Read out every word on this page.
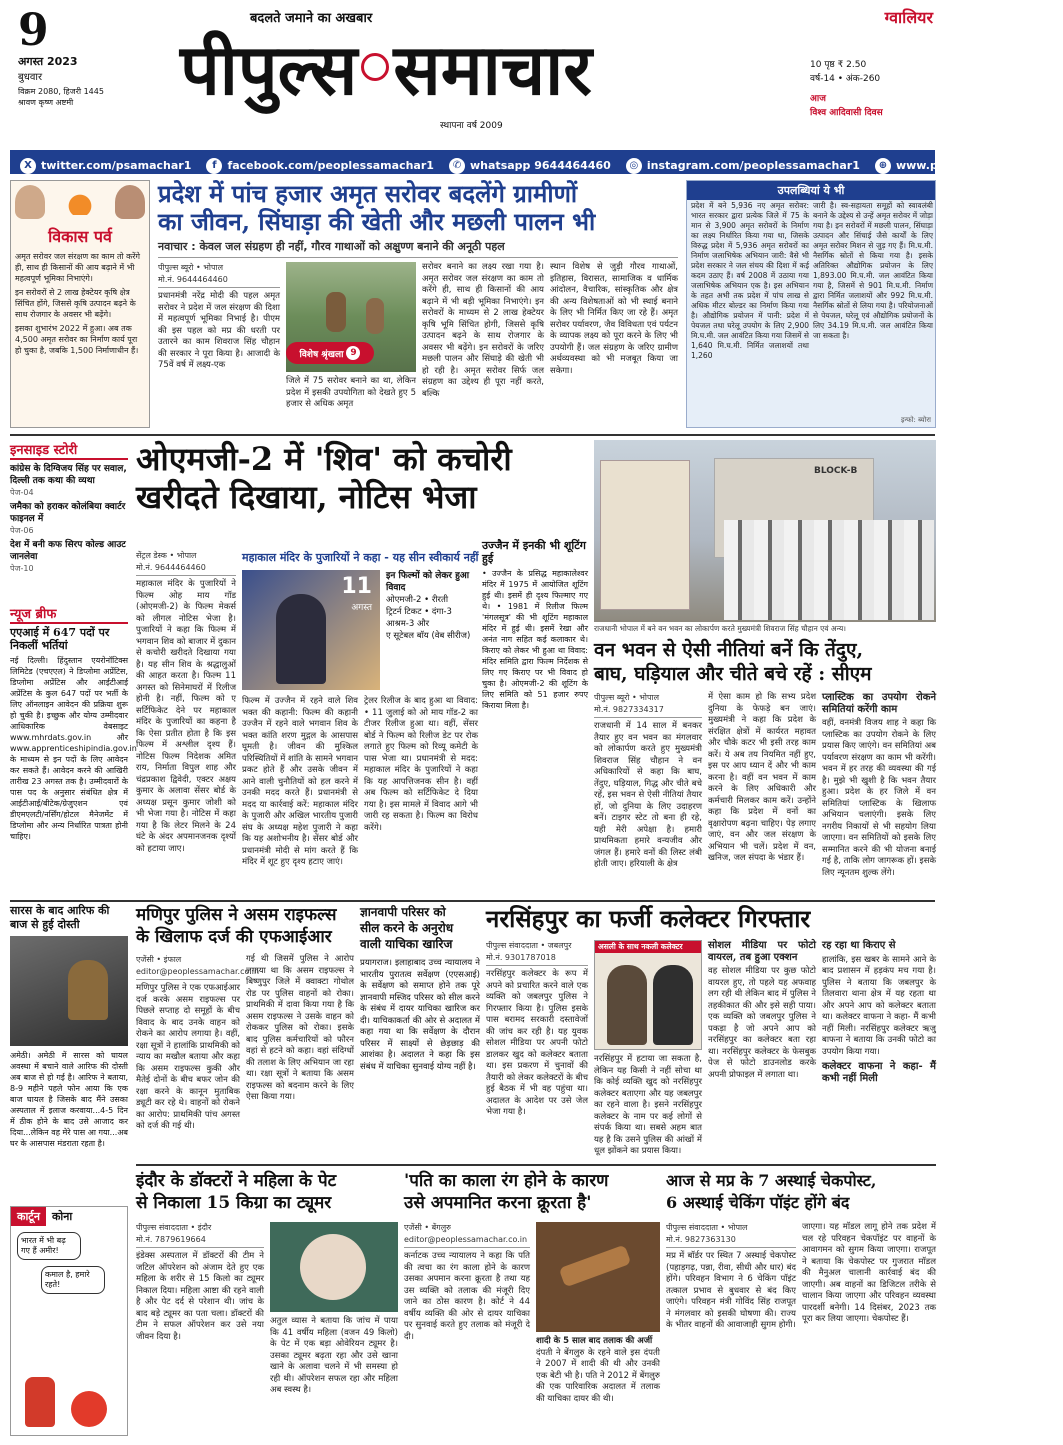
9
अगस्त 2023
बुधवार
विक्रम 2080, हिजरी 1445
श्रावण कृष्ण अष्टमी
बदलते जमाने का अखबार
पीपुल्स समाचार
स्थापना वर्ष 2009
ग्वालियर
10 पृष्ठ ₹ 2.50
वर्ष-14 • अंक-260
आज
विश्व आदिवासी दिवस
X twitter.com/psamachar1
	f facebook.com/peoplessamachar1
	✆ whatsapp 9644464460
	◎ instagram.com/peoplessamachar1
	⊕ www.peoplessamachar.in
विकास पर्व
अमृत सरोवर जल संरक्षण का काम तो करेंगे ही, साथ ही किसानों की आय बढ़ाने में भी महत्वपूर्ण भूमिका निभाएंगे।
इन सरोवरों से 2 लाख हेक्टेयर कृषि क्षेत्र सिंचित होंगे, जिससे कृषि उत्पादन बढ़ने के साथ रोजगार के अवसर भी बढ़ेंगे।
इसका शुभारंभ 2022 में हुआ। अब तक 4,500 अमृत सरोवर का निर्माण कार्य पूरा हो चुका है, जबकि 1,500 निर्माणाधीन हैं।
प्रदेश में पांच हजार अमृत सरोवर बदलेंगे ग्रामीणों
का जीवन, सिंघाड़ा की खेती और मछली पालन भी
नवाचार : केवल जल संग्रहण ही नहीं, गौरव गाथाओं को अक्षुण्ण बनाने की अनूठी पहल
पीपुल्स ब्यूरो • भोपाल
मो.नं. 9644464460
प्रधानमंत्री नरेंद्र मोदी की पहल अमृत सरोवर ने प्रदेश में जल संरक्षण की दिशा में महत्वपूर्ण भूमिका निभाई है। पीएम की इस पहल को मप्र की धरती पर उतारने का काम शिवराज सिंह चौहान की सरकार ने पूरा किया है। आजादी के 75वें वर्ष में लक्ष्य-एक
विशेष श्रृंखला 9
जिले में 75 सरोवर बनाने का था, लेकिन प्रदेश में इसकी उपयोगिता को देखते हुए 5 हजार से अधिक अमृत
सरोवर बनाने का लक्ष्य रखा गया है। अमृत सरोवर जल संरक्षण का काम तो करेंगे ही, साथ ही किसानों की आय बढ़ाने में भी बड़ी भूमिका निभाएंगे। इन सरोवरों के माध्यम से 2 लाख हेक्टेयर कृषि भूमि सिंचित होगी, जिससे कृषि उत्पादन बढ़ने के साथ रोजगार के अवसर भी बढ़ेंगे। इन सरोवरों के जरिए मछली पालन और सिंघाड़े की खेती भी हो रही है। अमृत सरोवर सिर्फ जल संग्रहण का उद्देश्य ही पूरा नहीं करते, बल्कि
स्थान विशेष से जुड़ी गौरव गाथाओं, इतिहास, विरासत, सामाजिक व धार्मिक आंदोलन, वैचारिक, सांस्कृतिक और क्षेत्र की अन्य विशेषताओं को भी स्थाई बनाने के लिए भी निर्मित किए जा रहे हैं। अमृत सरोवर पर्यावरण, जैव विविधता एवं पर्यटन के व्यापक लक्ष्य को पूरा करने के लिए भी उपयोगी हैं। जल संग्रहण के जरिए ग्रामीण अर्थव्यवस्था को भी मजबूत किया जा सकेगा।
उपलब्धियां ये भी
प्रदेश में बने 5,936 नए अमृत सरोवर: भारत सरकार द्वारा प्रत्येक जिले में 75 के मान से 3,900 अमृत सरोवरों के निर्माण का लक्ष्य निर्धारित किया गया था, जिसके विरुद्ध प्रदेश में 5,936 अमृत सरोवरों का निर्माण जलाभिषेक अभियान जारी: वैसे भी प्रदेश सरकार ने जल संचय की दिशा में कई कदम उठाए हैं। वर्ष 2008 में उठाया गया जलाभिषेक अभियान एक है। इस अभियान के तहत अभी तक प्रदेश में पांच लाख से अधिक मीटर बोल्डर का निर्माण किया गया है। औद्योगिक प्रयोजन में पानी: प्रदेश में पेयजल तथा घरेलू उपयोग के लिए 2,900 मि.घ.मी. जल आवंटित किया गया जिसमें से 1,640 मि.घ.मी. निर्मित जलाशयों तथा 1,260
जारी है। स्व-सहायता समूहों को स्वावलंबी बनाने के उद्देश्य से उन्हें अमृत सरोवर में जोड़ा गया है। इन सरोवरों में मछली पालन, सिंघाड़ा उत्पादन और सिंचाई जैसे कार्यों के लिए अमृत सरोवर मिशन से जुड़ गए हैं। मि.घ.मी. नैसर्गिक स्रोतों से किया गया है। इसके अतिरिक्त औद्योगिक प्रयोजन के लिए 1,893.00 मि.घ.मी. जल आवंटित किया गया है, जिसमें से 901 मि.घ.मी. निर्माण द्वारा निर्मित जलाशयों और 992 मि.घ.मी. नैसर्गिक स्रोतों से लिया गया है। परियोजनाओं से पेयजल, घरेलू एवं औद्योगिक प्रयोजनों के लिए 34.19 मि.घ.मी. जल आवंटित किया जा सकता है।
इन्फो: ब्योरा
इनसाइड स्टोरी
कांग्रेस के दिग्विजय सिंह पर सवाल, दिल्ली तक कथा की व्यथा
पेज-04
जमैका को हराकर कोलंबिया क्वार्टर फाइनल में
पेज-06
देश में बनी कफ सिरप कोल्ड आउट जानलेवा
पेज-10
न्यूज ब्रीफ
एएआई में 647 पदों पर निकलीं भर्तियां
नई दिल्ली। हिंदुस्तान एयरोनॉटिक्स लिमिटेड (एचएएल) ने डिप्लोमा अप्रेंटिस, डिप्लोमा अप्रेंटिस और आईटीआई अप्रेंटिस के कुल 647 पदों पर भर्ती के लिए ऑनलाइन आवेदन की प्रक्रिया शुरू हो चुकी है। इच्छुक और योग्य उम्मीदवार आधिकारिक वेबसाइट www.mhrdats.gov.in और www.apprenticeshipindia.gov.in के माध्यम से इन पदों के लिए आवेदन कर सकते हैं। आवेदन करने की आखिरी तारीख 23 अगस्त तक है। उम्मीदवारों के पास पद के अनुसार संबंधित क्षेत्र में आईटीआई/बीटेक/ग्रेजुएशन एवं डीएमएलटी/नर्सिंग/होटल मैनेजमेंट में डिप्लोमा और अन्य निर्धारित पात्रता होनी चाहिए।
ओएमजी-2 में 'शिव' को कचोरी
खरीदते दिखाया, नोटिस भेजा
सेंट्रल डेस्क • भोपाल
मो.नं. 9644464460
महाकाल मंदिर के पुजारियों ने फिल्म ओह माय गॉड (ओएमजी-2) के फिल्म मेकर्स को लीगल नोटिस भेजा है। पुजारियों ने कहा कि फिल्म में भगवान शिव को बाजार में दुकान से कचोरी खरीदते दिखाया गया है। यह सीन शिव के श्रद्धालुओं की आहत करता है। फिल्म 11 अगस्त को सिनेमाघरों में रिलीज होनी है। नहीं, फिल्म को ए सर्टिफिकेट देने पर महाकाल मंदिर के पुजारियों का कहना है कि ऐसा प्रतीत होता है कि इस फिल्म में अश्लील दृश्य हैं। नोटिस फिल्म निदेशक अमित राय, निर्माता विपुल शाह और चंद्रप्रकाश द्विवेदी, एक्टर अक्षय कुमार के अलावा सेंसर बोर्ड के अध्यक्ष प्रसून कुमार जोशी को भी भेजा गया है। नोटिस में कहा गया है कि लेटर मिलने के 24 घंटे के अंदर अपमानजनक दृश्यों को हटाया जाए।
महाकाल मंदिर के पुजारियों ने कहा - यह सीन स्वीकार्य नहीं
11
अगस्त
इन फिल्मों को लेकर हुआ विवाद
ओएमजी-2 • रीरती
ट्रिटर्न टिकट • दंगा-3
आश्रम-3 और
ए सूटेबल बॉय (वेब सीरीज)
उज्जैन में इनकी भी शूटिंग हुई
• उज्जैन के प्रसिद्ध महाकालेश्वर मंदिर में 1975 में आयोजित शूटिंग हुई थी। इसमें ही दृश्य फिल्माए गए थे। • 1981 में रिलीज फिल्म 'मंगलसूत्र' की भी शूटिंग महाकाल मंदिर में हुई थी। इसमें रेखा और अनंत नाग सहित कई कलाकार थे। किराए को लेकर भी हुआ था विवाद: मंदिर समिति द्वारा फिल्म निर्देशक से लिए गए किराए पर भी विवाद हो चुका है। ओएमजी-2 की शूटिंग के लिए समिति को 51 हजार रुपए किराया मिला है।
फिल्म में उज्जैन में रहने वाले शिव भक्त की कहानी: फिल्म की कहानी उज्जैन में रहने वाले भगवान शिव के भक्त कांति शरण मुद्गल के आसपास घूमती है। जीवन की मुश्किल परिस्थितियों में शांति के सामने भगवान प्रकट होते हैं और उसके जीवन में आने वाली चुनौतियों को हल करने में उनकी मदद करते हैं। प्रधानमंत्री से मदद या कार्रवाई करें: महाकाल मंदिर के पुजारी और अखिल भारतीय पुजारी संघ के अध्यक्ष महेश पुजारी ने कहा कि यह अशोभनीय है। सेंसर बोर्ड और प्रधानमंत्री मोदी से मांग करते हैं कि मंदिर में शूट हुए दृश्य हटाए जाएं।
ट्रेलर रिलीज के बाद हुआ था विवाद: • 11 जुलाई को ओ माय गॉड-2 का टीजर रिलीज हुआ था। वहीं, सेंसर बोर्ड ने फिल्म को रिलीज डेट पर रोक लगाते हुए फिल्म को रिव्यू कमेटी के पास भेजा था। प्रधानमंत्री से मदद: महाकाल मंदिर के पुजारियों ने कहा कि यह आपत्तिजनक सीन है। वहीं अब फिल्म को सर्टिफिकेट दे दिया गया है। इस मामले में विवाद आगे भी जारी रह सकता है। फिल्म का विरोध करेंगे।
BLOCK-B
राजधानी भोपाल में बने वन भवन का लोकार्पण करते मुख्यमंत्री शिवराज सिंह चौहान एवं अन्य।
वन भवन से ऐसी नीतियां बनें कि तेंदुए,
बाघ, घड़ियाल और चीते बचे रहें : सीएम
पीपुल्स ब्यूरो • भोपाल
मो.नं. 9827334317
राजधानी में 14 साल में बनकर तैयार हुए वन भवन का मंगलवार को लोकार्पण करते हुए मुख्यमंत्री शिवराज सिंह चौहान ने वन अधिकारियों से कहा कि बाघ, तेंदुए, घड़ियाल, गिद्ध और चीते बचे रहें, इस भवन से ऐसी नीतियां तैयार हों, जो दुनिया के लिए उदाहरण बनें। टाइगर स्टेट तो बना ही रहे, यही मेरी अपेक्षा है। हमारी प्राथमिकता हमारे वन्यजीव और जंगल हैं। हमारे वनों की लिस्ट लंबी होती जाए। हरियाली के क्षेत्र
में ऐसा काम हो कि सभ्य प्रदेश दुनिया के फेफड़े बन जाएं। मुख्यमंत्री ने कहा कि प्रदेश के संरक्षित क्षेत्रों में कार्यरत महावत और चौके कटर भी इसी तरह काम करें। ये अब तय नियमित नहीं हुए, इस पर आप ध्यान दें और भी काम करना है। वहीं वन भवन में काम करने के लिए अधिकारी और कर्मचारी मिलकर काम करें। उन्होंने कहा कि प्रदेश में वनों का वृक्षारोपण बढ़ना चाहिए। पेड़ लगाए जाएं, वन और जल संरक्षण के अभियान भी चलें। प्रदेश में वन, खनिज, जल संपदा के भंडार हैं।
प्लास्टिक का उपयोग रोकने समितियां करेंगी काम
वहीं, वनमंत्री विजय शाह ने कहा कि प्लास्टिक का उपयोग रोकने के लिए प्रयास किए जाएंगे। वन समितियां अब पर्यावरण संरक्षण का काम भी करेंगी। भवन में हर तरह की व्यवस्था की गई है। मुझे भी खुशी है कि भवन तैयार हुआ। प्रदेश के हर जिले में वन समितियां प्लास्टिक के खिलाफ अभियान चलाएंगी। इसके लिए नगरीय निकायों से भी सहयोग लिया जाएगा। वन समितियों को इसके लिए सम्मानित करने की भी योजना बनाई गई है, ताकि लोग जागरूक हों। इसके लिए न्यूनतम शुल्क लेंगे।
सारस के बाद आरिफ की
बाज से हुई दोस्ती
अमेठी। अमेठी में सारस को घायल अवस्था में बचाने वाले आरिफ की दोस्ती अब बाज से हो गई है। आरिफ ने बताया, 8-9 महीने पहले फोन आया कि एक बाज घायल है जिसके बाद मैंने उसका अस्पताल में इलाज करवाया...4-5 दिन में ठीक होने के बाद उसे आजाद कर दिया...लेकिन वह मेरे पास आ गया...अब घर के आसपास मंडराता रहता है।
मणिपुर पुलिस ने असम राइफल्स
के खिलाफ दर्ज की एफआईआर
एजेंसी • इंफाल
editor@peoplessamachar.co.in
मणिपुर पुलिस ने एक एफआईआर दर्ज करके असम राइफल्स पर पिछले सप्ताह दो समूहों के बीच विवाद के बाद उनके वाहन को रोकने का आरोप लगाया है। वहीं, रक्षा सूत्रों ने हालांकि प्राथमिकी को न्याय का मखौल बताया और कहा कि असम राइफल्स कुकी और मैतेई दोनों के बीच बफर जोन की रक्षा करने के कानून मुताबिक ड्यूटी कर रहे थे। वाहनों को रोकने का आरोप: प्राथमिकी पांच अगस्त को दर्ज की गई थी।
गई थी जिसमें पुलिस ने आरोप लगाया था कि असम राइफल्स ने बिष्णुपुर जिले में क्वाक्टा गोथोल रोड पर पुलिस वाहनों को रोका। प्राथमिकी में दावा किया गया है कि असम राइफल्स ने उसके वाहन को रोककर पुलिस को रोका। इसके बाद पुलिस कर्मचारियों को फौरन वहां से हटने को कहा। वहां संदिग्धों की तलाश के लिए अभियान जा रहा था। रक्षा सूत्रों ने बताया कि असम राइफल्स को बदनाम करने के लिए ऐसा किया गया।
ज्ञानवापी परिसर को
सील करने के अनुरोध
वाली याचिका खारिज
प्रयागराज। इलाहाबाद उच्च न्यायालय ने भारतीय पुरातत्व सर्वेक्षण (एएसआई) के सर्वेक्षण को समाप्त होने तक पूरे ज्ञानवापी मस्जिद परिसर को सील करने के संबंध में दायर याचिका खारिज कर दी। याचिकाकर्ता की ओर से अदालत में कहा गया था कि सर्वेक्षण के दौरान परिसर में साक्ष्यों से छेड़छाड़ की आशंका है। अदालत ने कहा कि इस संबंध में याचिका सुनवाई योग्य नहीं है।
नरसिंहपुर का फर्जी कलेक्टर गिरफ्तार
पीपुल्स संवाददाता • जबलपुर
मो.नं. 9301787018
नरसिंहपुर कलेक्टर के रूप में अपने को प्रचारित करने वाले एक व्यक्ति को जबलपुर पुलिस ने गिरफ्तार किया है। पुलिस इसके पास बरामद सरकारी दस्तावेजों की जांच कर रही है। यह युवक सोशल मीडिया पर अपनी फोटो डालकर खुद को कलेक्टर बताता था। इस प्रकरण में चुनावों की तैयारी को लेकर कलेक्टरों के बीच हुई बैठक में भी वह पहुंचा था। अदालत के आदेश पर उसे जेल भेजा गया है।
असली के साथ नकली कलेक्टर
नरसिंहपुर में हटाया जा सकता है, लेकिन यह किसी ने नहीं सोचा था कि कोई व्यक्ति खुद को नरसिंहपुर कलेक्टर बताएगा और यह जबलपुर का रहने वाला है। इसने नरसिंहपुर कलेक्टर के नाम पर कई लोगों से संपर्क किया था। सबसे अहम बात यह है कि उसने पुलिस की आंखों में धूल झोंकने का प्रयास किया।
सोशल मीडिया पर फोटो वायरल, तब हुआ एक्शन
वह सोशल मीडिया पर कुछ फोटो वायरल हुए, तो पहले यह अफवाह लग रही थी लेकिन बाद में पुलिस ने तहकीकात की और इसे सही पाया। एक व्यक्ति को जबलपुर पुलिस ने पकड़ा है जो अपने आप को नरसिंहपुर का कलेक्टर बता रहा था। नरसिंहपुर कलेक्टर के फेसबुक पेज से फोटो डाउनलोड करके अपनी प्रोफाइल में लगाता था।
रह रहा था किराए से
हालांकि, इस खबर के सामने आने के बाद प्रशासन में हड़कंप मच गया है। पुलिस ने बताया कि जबलपुर के तिलवारा थाना क्षेत्र में यह रहता था और अपने आप को कलेक्टर बताता था। कलेक्टर वाफना ने कहा- मैं कभी नहीं मिली। नरसिंहपुर कलेक्टर ऋजु बाफना ने बताया कि उनकी फोटो का उपयोग किया गया।
कलेक्टर वाफना ने कहा- मैं कभी नहीं मिली
कार्टून	कोना
भारत में भी बढ़ गए हैं अमीर!
कमाल है, हमारे रहते!
इंदौर के डॉक्टरों ने महिला के पेट
से निकाला 15 किग्रा का ट्यूमर
पीपुल्स संवाददाता • इंदौर
मो.नं. 7879619664
इंडेक्स अस्पताल में डॉक्टरों की टीम ने जटिल ऑपरेशन को अंजाम देते हुए एक महिला के शरीर से 15 किलो का ट्यूमर निकाल दिया। महिला आष्टा की रहने वाली है और पेट दर्द से परेशान थी। जांच के बाद बड़े ट्यूमर का पता चला। डॉक्टरों की टीम ने सफल ऑपरेशन कर उसे नया जीवन दिया है।
अतुल व्यास ने बताया कि जांच में पाया कि 41 वर्षीय महिला (वजन 49 किलो) के पेट में एक बड़ा ओवेरियन ट्यूमर है। उसका ट्यूमर बढ़ता रहा और उसे खाना खाने के अलावा चलने में भी समस्या हो रही थी। ऑपरेशन सफल रहा और महिला अब स्वस्थ है।
'पति का काला रंग होने के कारण
उसे अपमानित करना क्रूरता है'
एजेंसी • बेंगलुरु
editor@peoplessamachar.co.in
कर्नाटक उच्च न्यायालय ने कहा कि पति की त्वचा का रंग काला होने के कारण उसका अपमान करना क्रूरता है तथा यह उस व्यक्ति को तलाक की मंजूरी दिए जाने का ठोस कारण है। कोर्ट ने 44 वर्षीय व्यक्ति की ओर से दायर याचिका पर सुनवाई करते हुए तलाक को मंजूरी दे दी।	शादी के 5 साल बाद तलाक की अर्जी
दंपती ने बेंगलुरु के रहने वाले इस दंपती ने 2007 में शादी की थी और उनकी एक बेटी भी है। पति ने 2012 में बेंगलुरु की एक पारिवारिक अदालत में तलाक की याचिका दायर की थी।
आज से मप्र के 7 अस्थाई चेकपोस्ट,
6 अस्थाई चेकिंग पॉइंट होंगे बंद
पीपुल्स संवाददाता • भोपाल
मो.नं. 9827363130
मप्र में बॉर्डर पर स्थित 7 अस्थाई चेकपोस्ट (पहाड़गढ़, पन्ना, रीवा, सीधी और धार) बंद होंगे। परिवहन विभाग ने 6 चेकिंग पॉइंट तत्काल प्रभाव से बुधवार से बंद किए जाएंगे। परिवहन मंत्री गोविंद सिंह राजपूत ने मंगलवार को इसकी घोषणा की। राज्य के भीतर वाहनों की आवाजाही सुगम होगी।
जाएगा। यह मॉडल लागू होने तक प्रदेश में चल रहे परिवहन चेकपॉइंट पर वाहनों के आवागमन को सुगम किया जाएगा। राजपूत ने बताया कि चेकपोस्ट पर गुजरात मॉडल की मैनुअल चालानी कार्रवाई बंद की जाएगी। अब वाहनों का डिजिटल तरीके से चालान किया जाएगा और परिवहन व्यवस्था पारदर्शी बनेगी। 14 दिसंबर, 2023 तक पूरा कर लिया जाएगा। चेकपोस्ट हैं।
